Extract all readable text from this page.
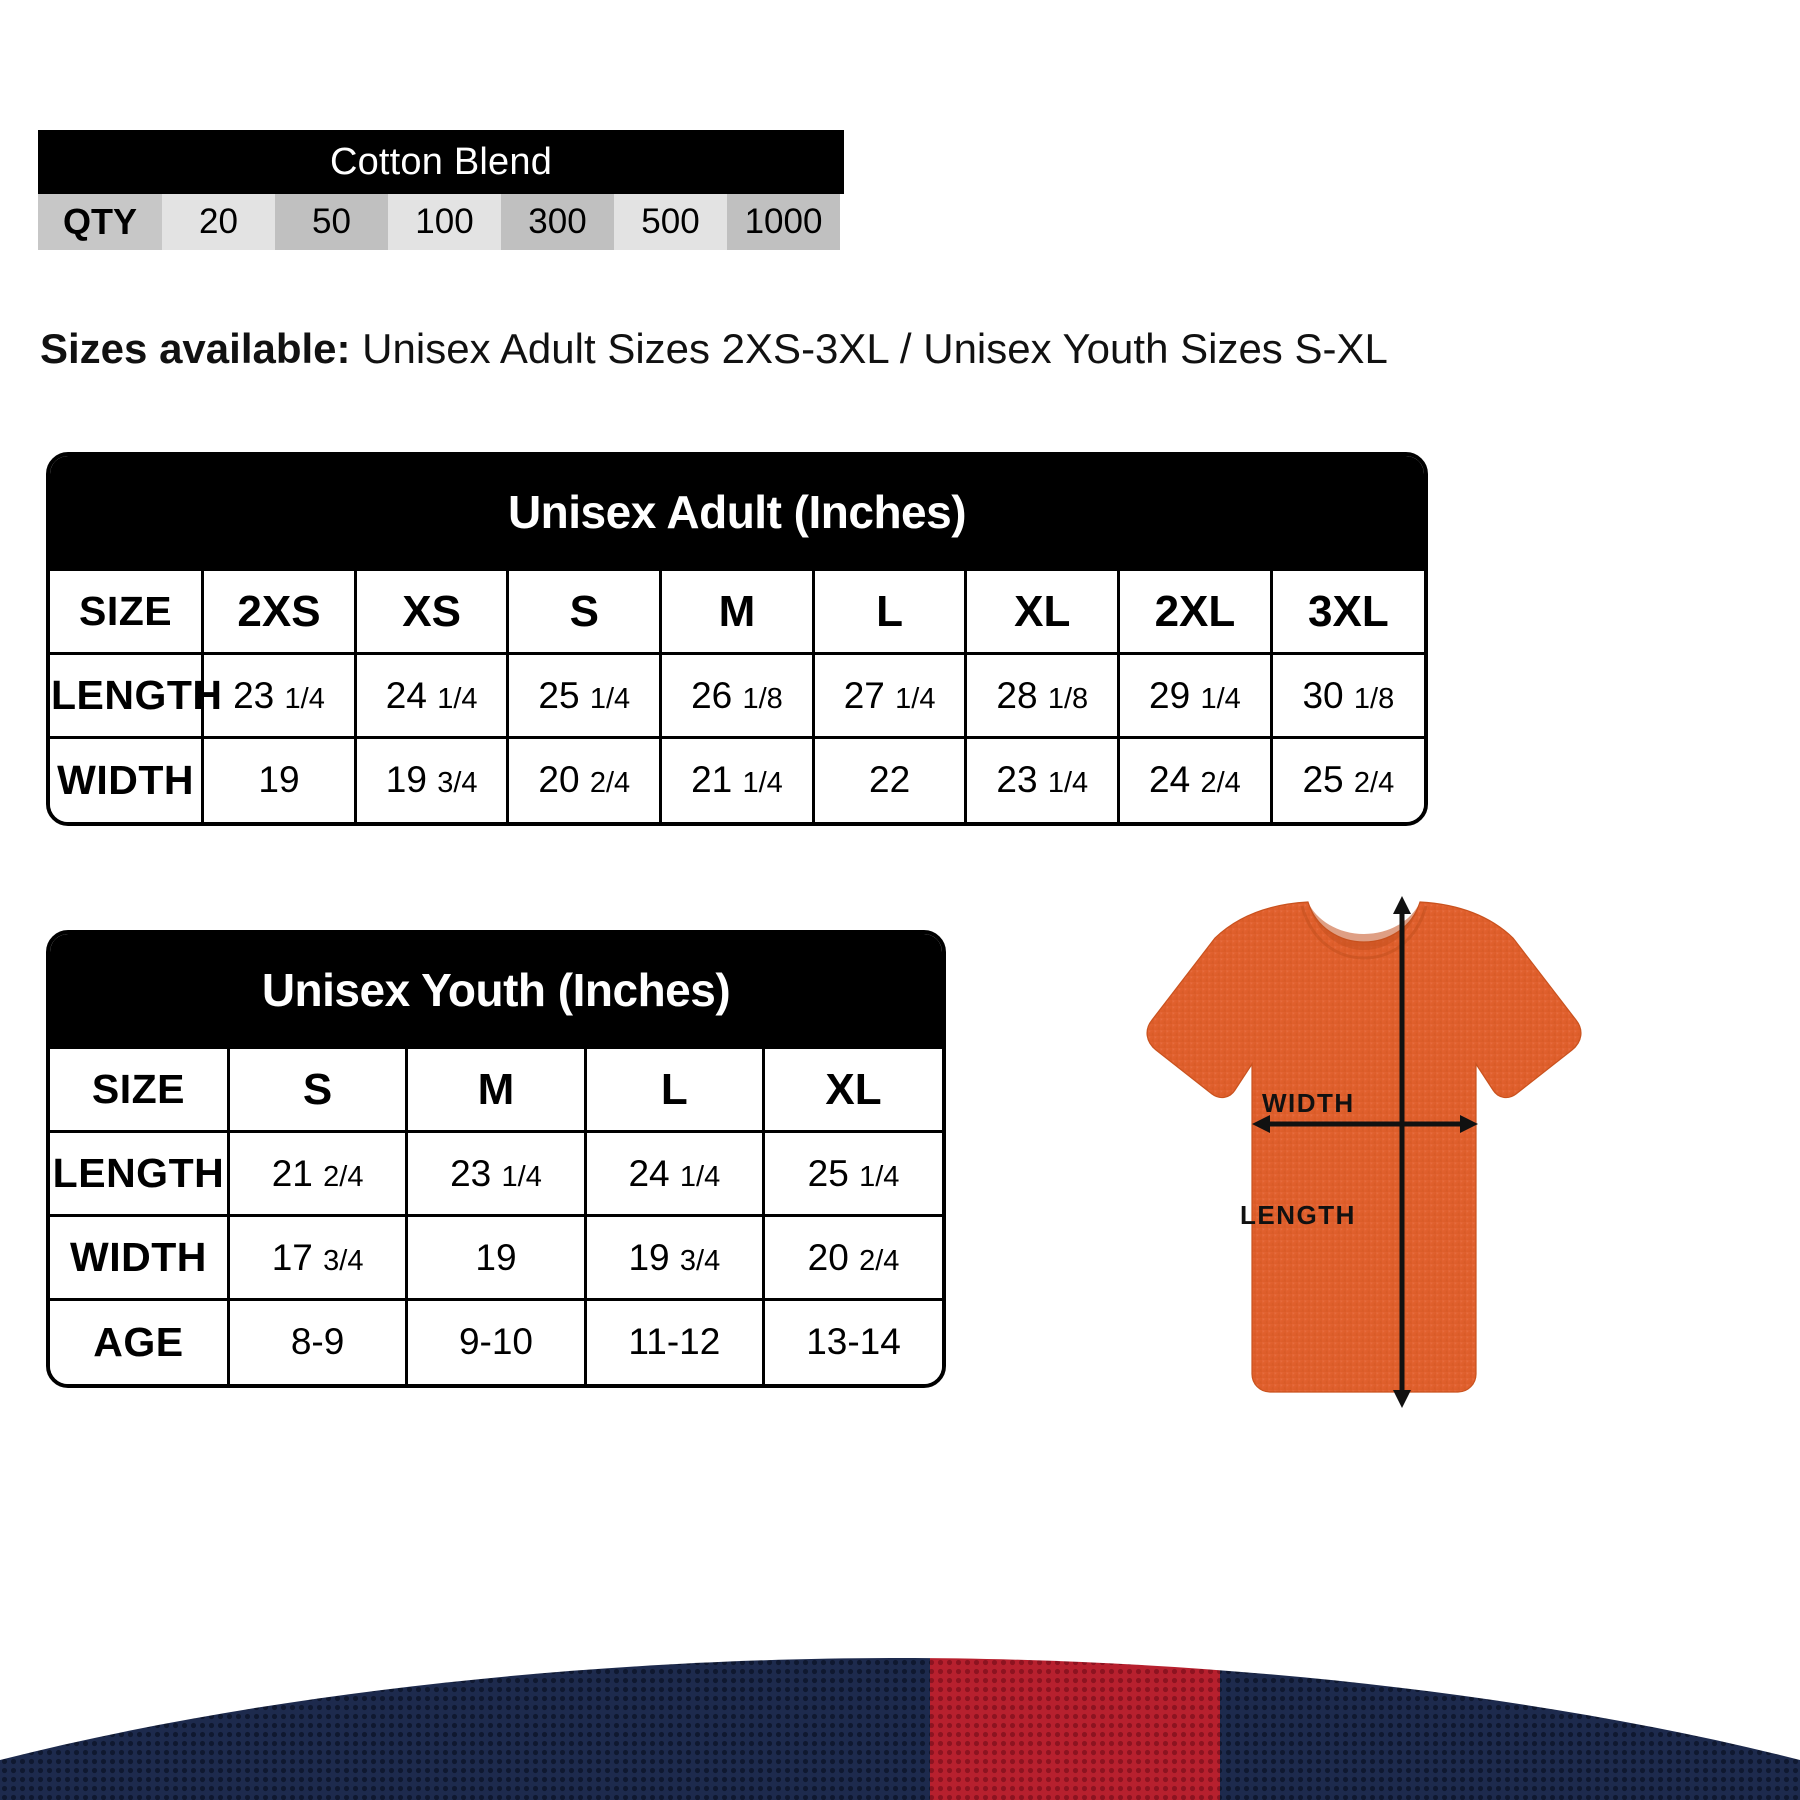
Cotton Blend
QTY	20	50	100	300	500	1000
Sizes available: Unisex Adult Sizes 2XS-3XL / Unisex Youth Sizes S-XL
Unisex Adult (Inches)
SIZE	2XS	XS	S	M	L	XL	2XL	3XL
LENGTH	23 1/4	24 1/4	25 1/4	26 1/8	27 1/4	28 1/8	29 1/4	30 1/8
WIDTH	19	19 3/4	20 2/4	21 1/4	22	23 1/4	24 2/4	25 2/4
Unisex Youth (Inches)
SIZE	S	M	L	XL
LENGTH	21 2/4	23 1/4	24 1/4	25 1/4
WIDTH	17 3/4	19	19 3/4	20 2/4
AGE	8-9	9-10	11-12	13-14
WIDTH
LENGTH
